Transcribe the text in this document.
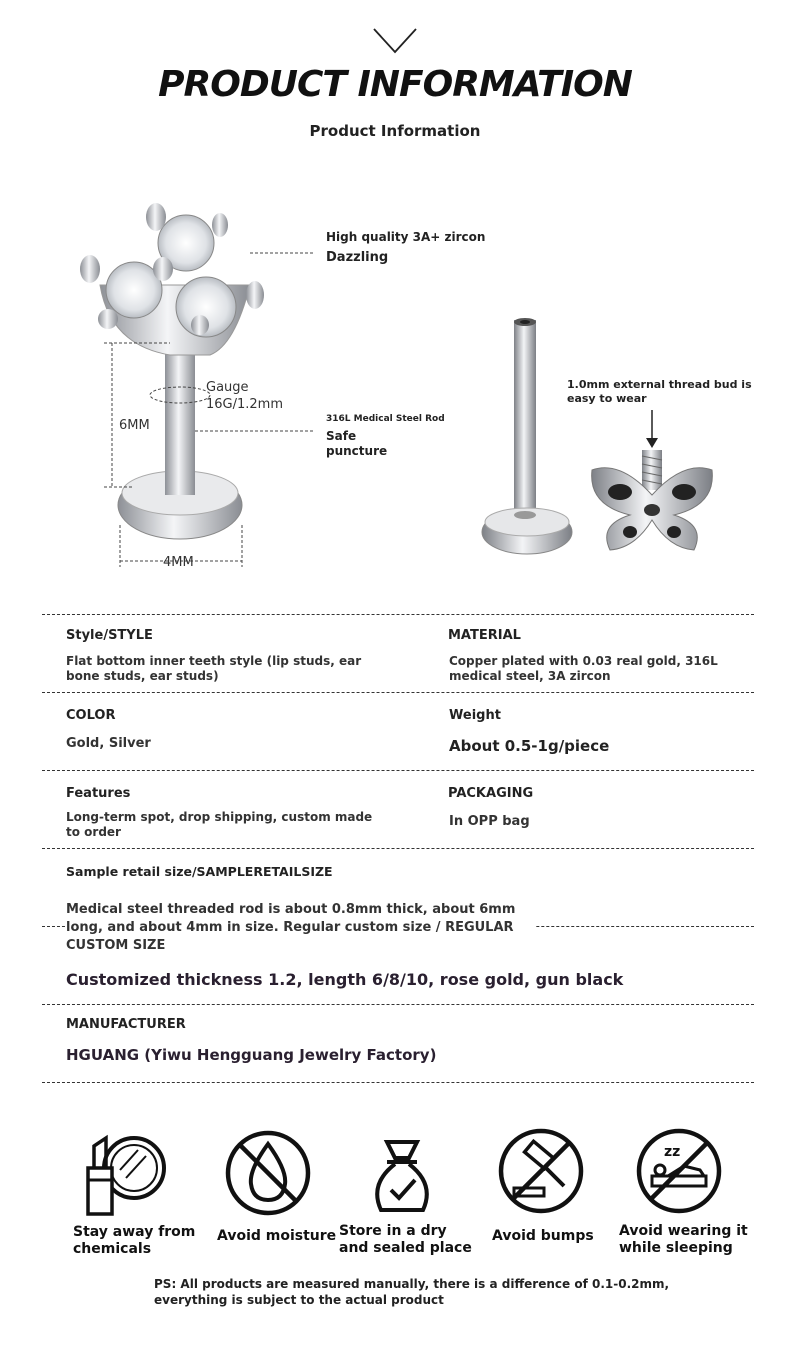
PRODUCT INFORMATION
Product Information
6MM
4MM
Gauge
16G/1.2mm
High quality 3A+ zircon
Dazzling
316L Medical Steel Rod
Safe
puncture
1.0mm external thread bud is
easy to wear
Style/STYLE
Flat bottom inner teeth style (lip studs, ear bone studs, ear studs)
MATERIAL
Copper plated with 0.03 real gold, 316L medical steel, 3A zircon
COLOR
Gold, Silver
Weight
About 0.5-1g/piece
Features
Long-term spot, drop shipping, custom made to order
PACKAGING
In OPP bag
Sample retail size/SAMPLERETAILSIZE
Medical steel threaded rod is about 0.8mm thick, about 6mm long, and about 4mm in size. Regular custom size / REGULAR CUSTOM SIZE
Customized thickness 1.2, length 6/8/10, rose gold, gun black
MANUFACTURER
HGUANG (Yiwu Hengguang Jewelry Factory)
zz
Stay away from chemicals
Avoid moisture Store in a dry and sealed place
Avoid bumps	Avoid wearing it while sleeping
PS: All products are measured manually, there is a difference of 0.1-0.2mm, everything is subject to the actual product
